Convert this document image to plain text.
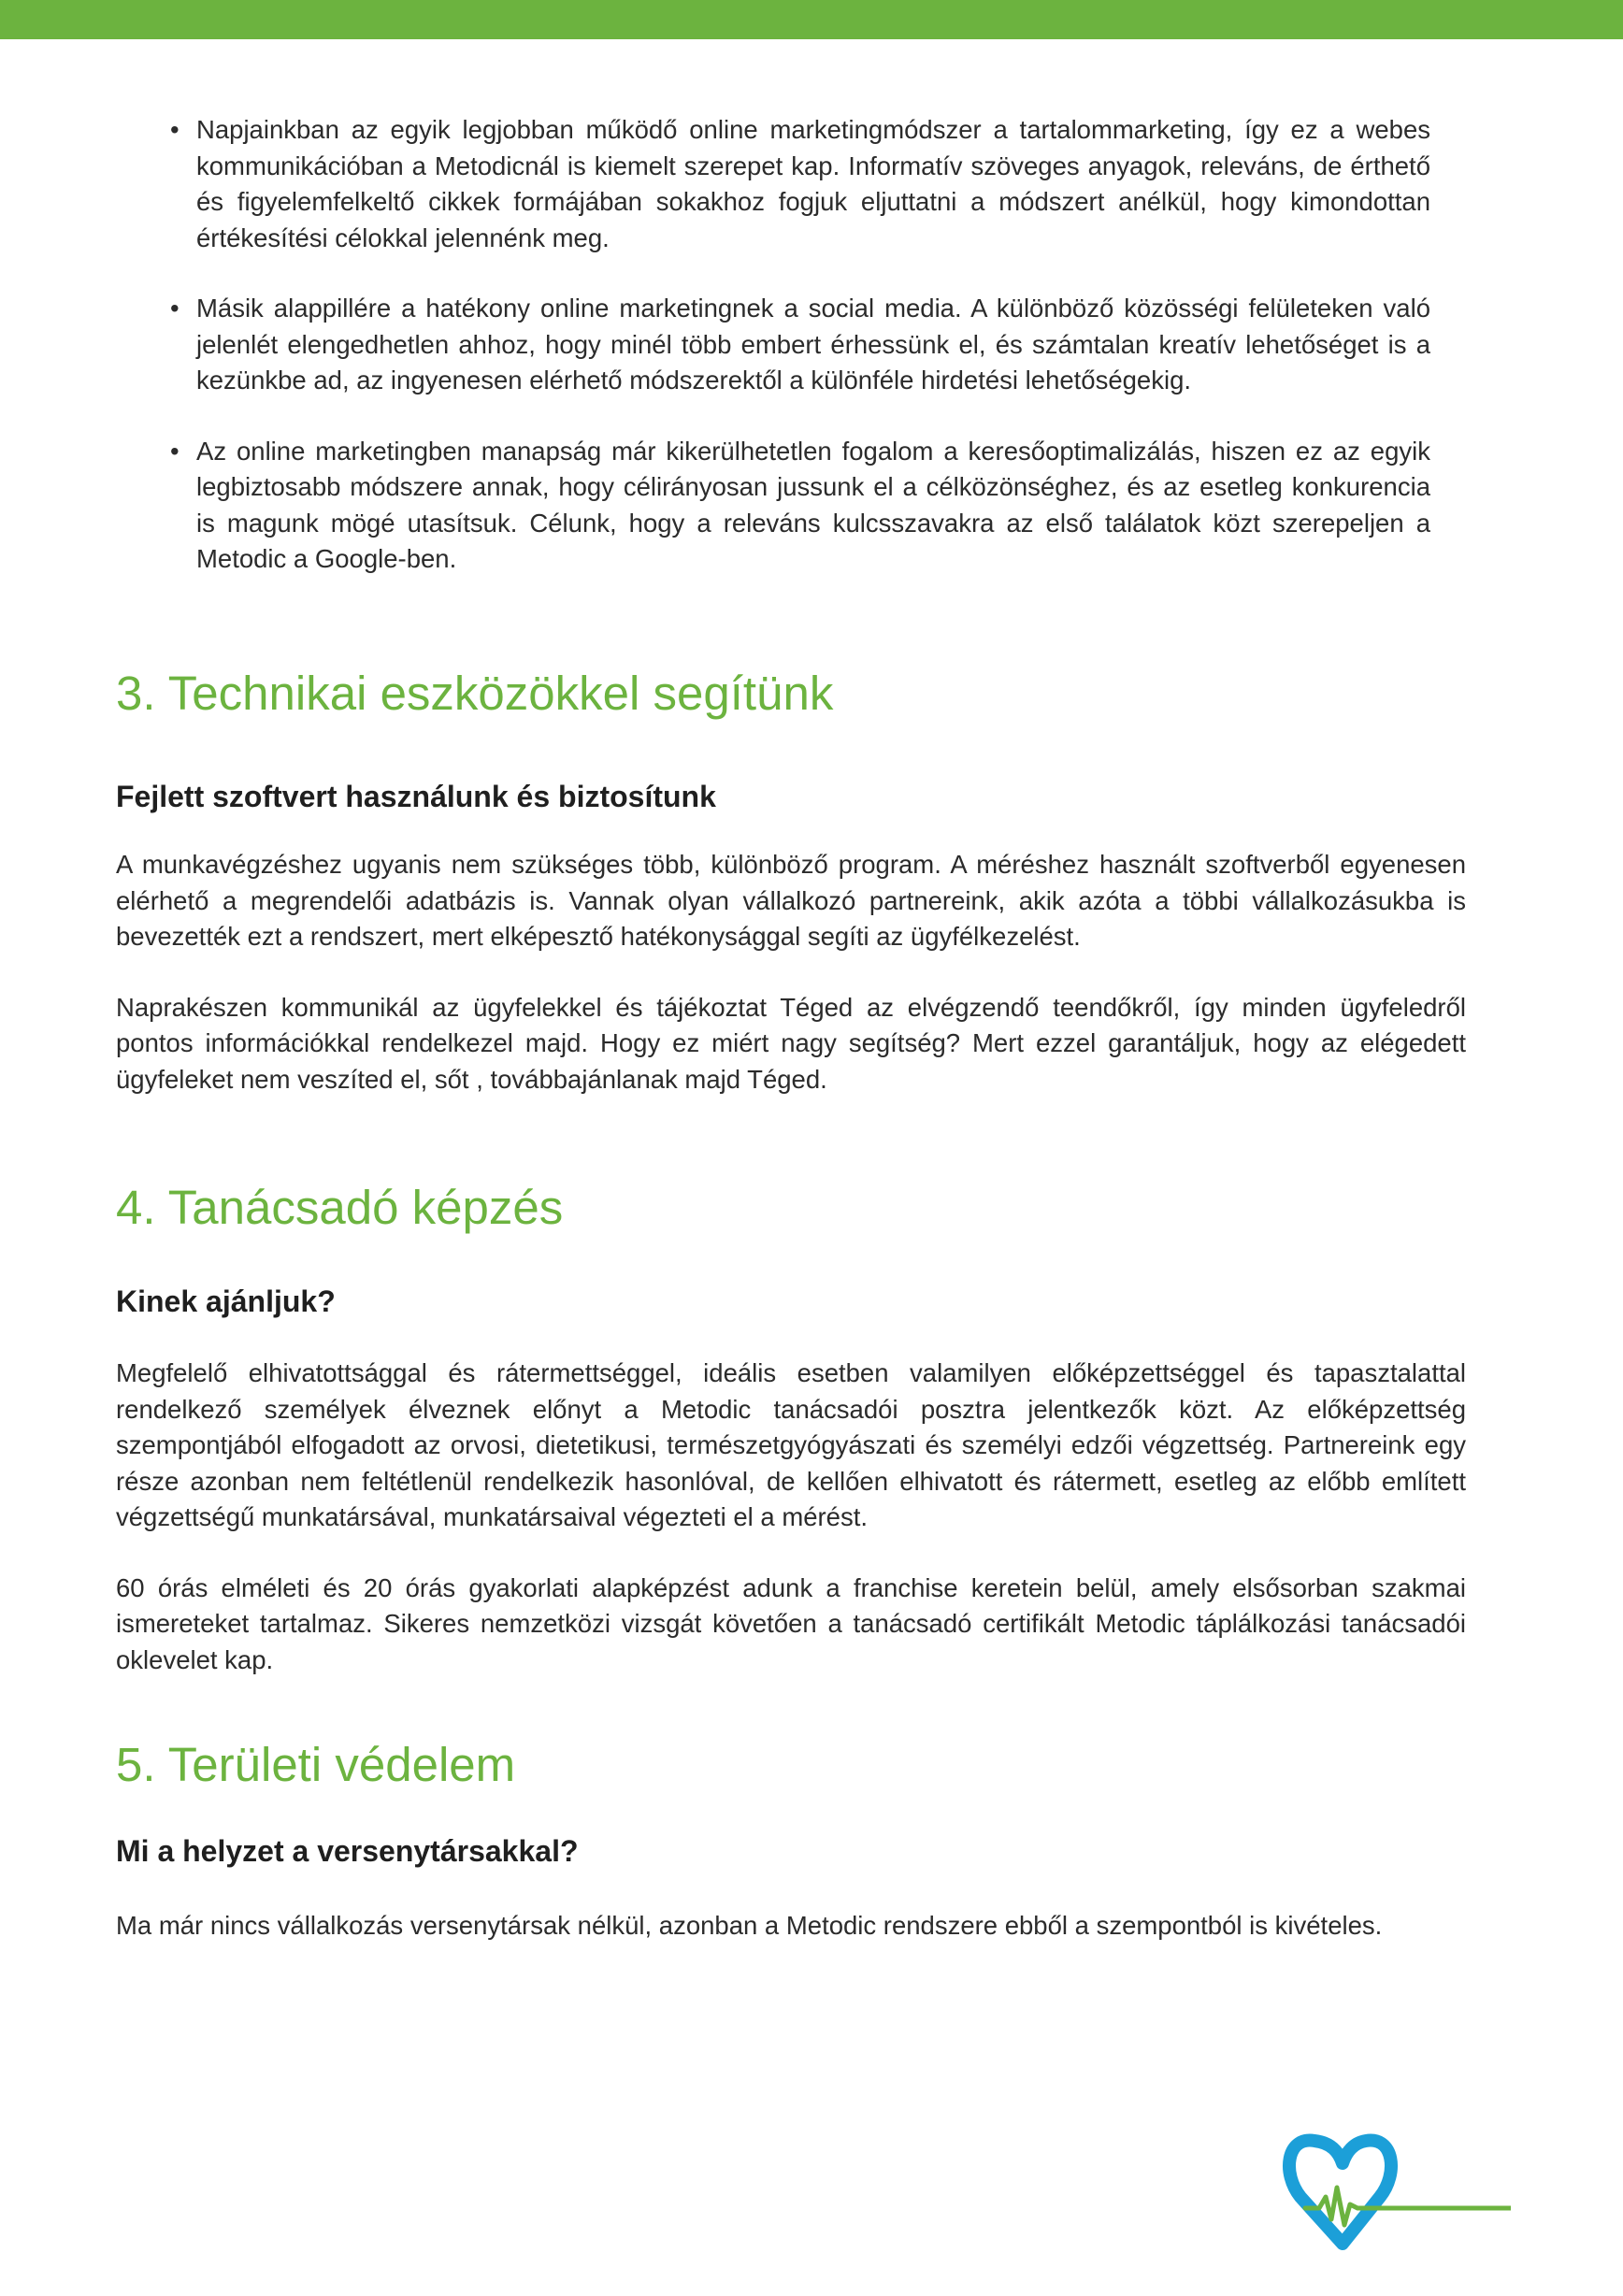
• Napjainkban az egyik legjobban működő online marketingmódszer a tartalommarketing, így ez a webes kommunikációban a Metodicnál is kiemelt szerepet kap. Informatív szöveges anyagok, releváns, de érthető és figyelemfelkeltő cikkek formájában sokakhoz fogjuk eljuttatni a módszert anélkül, hogy kimondottan értékesítési célokkal jelennénk meg.
• Másik alappillére a hatékony online marketingnek a social media. A különböző közösségi felületeken való jelenlét elengedhetlen ahhoz, hogy minél több embert érhessünk el, és számtalan kreatív lehetőséget is a kezünkbe ad, az ingyenesen elérhető módszerektől a különféle hirdetési lehetőségekig.
• Az online marketingben manapság már kikerülhetetlen fogalom a keresőoptimalizálás, hiszen ez az egyik legbiztosabb módszere annak, hogy célirányosan jussunk el a célközönséghez, és az esetleg konkurencia is magunk mögé utasítsuk. Célunk, hogy a releváns kulcsszavakra az első találatok közt szerepeljen a Metodic a Google-ben.
3. Technikai eszközökkel segítünk
Fejlett szoftvert használunk és biztosítunk

A munkavégzéshez ugyanis nem szükséges több, különböző program. A méréshez használt szoftverből egyenesen elérhető a megrendelői adatbázis is. Vannak olyan vállalkozó partnereink, akik azóta a többi vállalkozásukba is bevezették ezt a rendszert, mert elképesztő hatékonysággal segíti az ügyfélkezelést.

Naprakészen kommunikál az ügyfelekkel és tájékoztat Téged az elvégzendő teendőkről, így minden ügyfeledről pontos információkkal rendelkezel majd. Hogy ez miért nagy segítség? Mert ezzel garantáljuk, hogy az elégedett ügyfeleket nem veszíted el, sőt , továbbajánlanak majd Téged.

4. Tanácsadó képzés
Kinek ajánljuk?

Megfelelő elhivatottsággal és rátermettséggel, ideális esetben valamilyen előképzettséggel és tapasztalattal rendelkező személyek élveznek előnyt a Metodic tanácsadói posztra jelentkezők közt. Az előképzettség szempontjából elfogadott az orvosi, dietetikusi, természetgyógyászati és személyi edzői végzettség. Partnereink egy része azonban nem feltétlenül rendelkezik hasonlóval, de kellően elhivatott és rátermett, esetleg az előbb említett végzettségű munkatársával, munkatársaival végezteti el a mérést.

60 órás elméleti és 20 órás gyakorlati alapképzést adunk a franchise keretein belül, amely elsősorban szakmai ismereteket tartalmaz. Sikeres nemzetközi vizsgát követően a tanácsadó certifikált Metodic táplálkozási tanácsadói oklevelet kap.

5. Területi védelem
Mi a helyzet a versenytársakkal?

Ma már nincs vállalkozás versenytársak nélkül, azonban a Metodic rendszere ebből a szempontból is kivételes.
